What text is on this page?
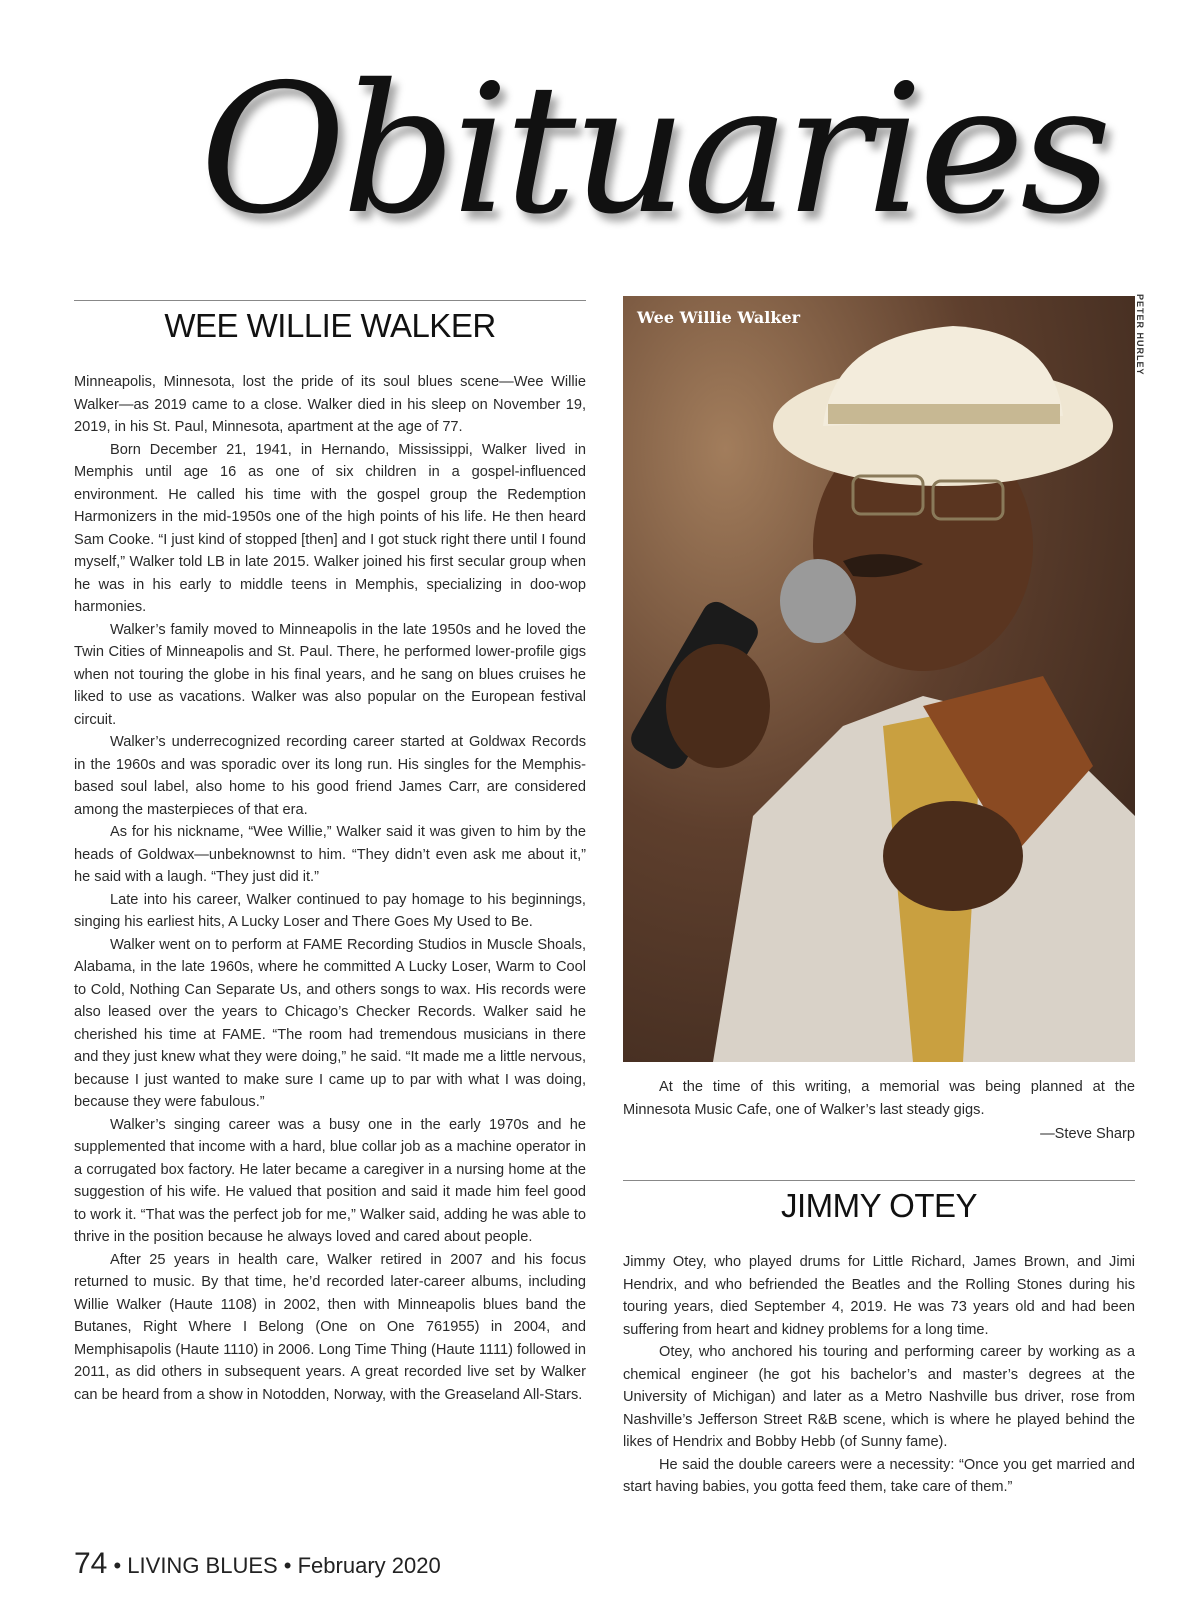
Obituaries
WEE WILLIE WALKER

Minneapolis, Minnesota, lost the pride of its soul blues scene—Wee Willie Walker—as 2019 came to a close. Walker died in his sleep on November 19, 2019, in his St. Paul, Minnesota, apartment at the age of 77.

Born December 21, 1941, in Hernando, Mississippi, Walker lived in Memphis until age 16 as one of six children in a gospel-influenced environment. He called his time with the gospel group the Redemption Harmonizers in the mid-1950s one of the high points of his life. He then heard Sam Cooke. “I just kind of stopped [then] and I got stuck right there until I found myself,” Walker told LB in late 2015. Walker joined his first secular group when he was in his early to middle teens in Memphis, specializing in doo-wop harmonies.

Walker’s family moved to Minneapolis in the late 1950s and he loved the Twin Cities of Minneapolis and St. Paul. There, he performed lower-profile gigs when not touring the globe in his final years, and he sang on blues cruises he liked to use as vacations. Walker was also popular on the European festival circuit.

Walker’s underrecognized recording career started at Goldwax Records in the 1960s and was sporadic over its long run. His singles for the Memphis-based soul label, also home to his good friend James Carr, are considered among the masterpieces of that era.

As for his nickname, “Wee Willie,” Walker said it was given to him by the heads of Goldwax—unbeknownst to him. “They didn’t even ask me about it,” he said with a laugh. “They just did it.”

Late into his career, Walker continued to pay homage to his beginnings, singing his earliest hits, A Lucky Loser and There Goes My Used to Be.

Walker went on to perform at FAME Recording Studios in Muscle Shoals, Alabama, in the late 1960s, where he committed A Lucky Loser, Warm to Cool to Cold, Nothing Can Separate Us, and others songs to wax. His records were also leased over the years to Chicago’s Checker Records. Walker said he cherished his time at FAME. “The room had tremendous musicians in there and they just knew what they were doing,” he said. “It made me a little nervous, because I just wanted to make sure I came up to par with what I was doing, because they were fabulous.”

Walker’s singing career was a busy one in the early 1970s and he supplemented that income with a hard, blue collar job as a machine operator in a corrugated box factory. He later became a caregiver in a nursing home at the suggestion of his wife. He valued that position and said it made him feel good to work it. “That was the perfect job for me,” Walker said, adding he was able to thrive in the position because he always loved and cared about people.

After 25 years in health care, Walker retired in 2007 and his focus returned to music. By that time, he’d recorded later-career albums, including Willie Walker (Haute 1108) in 2002, then with Minneapolis blues band the Butanes, Right Where I Belong (One on One 761955) in 2004, and Memphisapolis (Haute 1110) in 2006. Long Time Thing (Haute 1111) followed in 2011, as did others in subsequent years. A great recorded live set by Walker can be heard from a show in Notodden, Norway, with the Greaseland All-Stars.

Wee Willie Walker	PETER HURLEY

At the time of this writing, a memorial was being planned at the Minnesota Music Cafe, one of Walker’s last steady gigs.

—Steve Sharp
JIMMY OTEY

Jimmy Otey, who played drums for Little Richard, James Brown, and Jimi Hendrix, and who befriended the Beatles and the Rolling Stones during his touring years, died September 4, 2019. He was 73 years old and had been suffering from heart and kidney problems for a long time.

Otey, who anchored his touring and performing career by working as a chemical engineer (he got his bachelor’s and master’s degrees at the University of Michigan) and later as a Metro Nashville bus driver, rose from Nashville’s Jefferson Street R&B scene, which is where he played behind the likes of Hendrix and Bobby Hebb (of Sunny fame).

He said the double careers were a necessity: “Once you get married and start having babies, you gotta feed them, take care of them.”

74 • LIVING BLUES • February 2020
